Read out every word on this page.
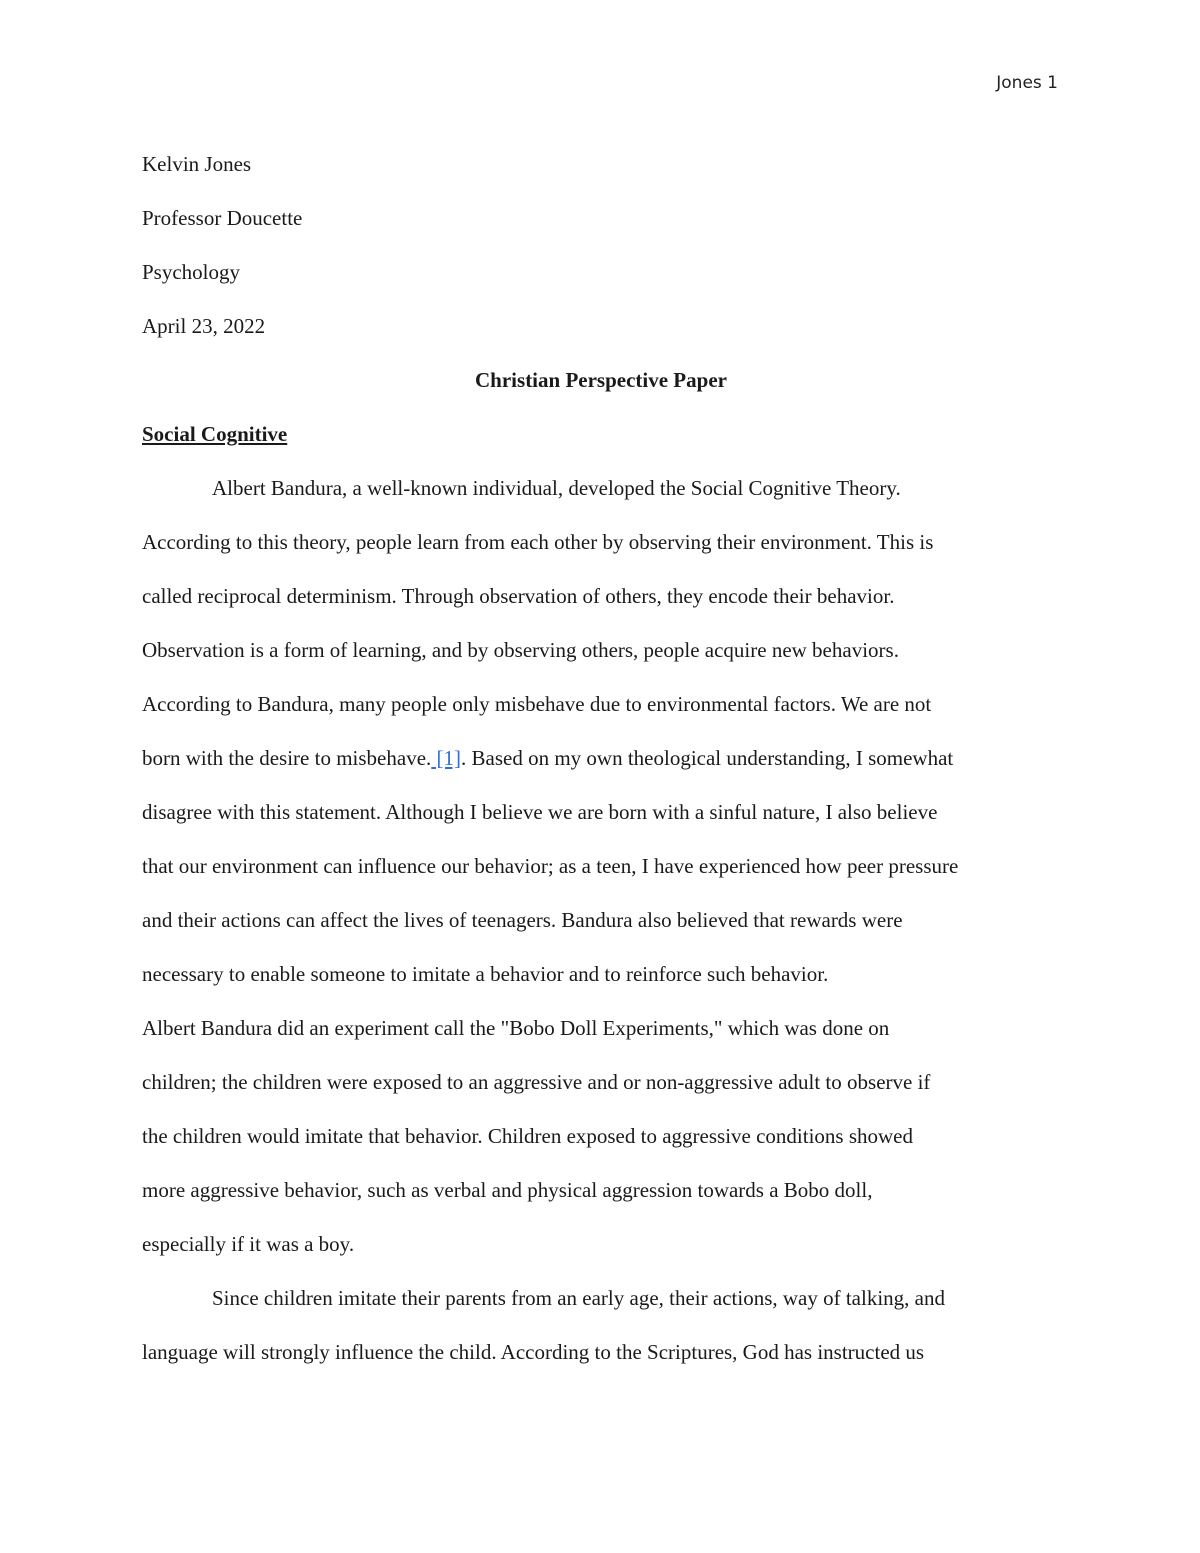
Jones 1
Kelvin Jones
Professor Doucette
Psychology
April 23, 2022
Christian Perspective Paper
Social Cognitive
Albert Bandura, a well-known individual, developed the Social Cognitive Theory.
According to this theory, people learn from each other by observing their environment. This is
called reciprocal determinism. Through observation of others, they encode their behavior.
Observation is a form of learning, and by observing others, people acquire new behaviors.
According to Bandura, many people only misbehave due to environmental factors. We are not
born with the desire to misbehave. [1]. Based on my own theological understanding, I somewhat
disagree with this statement. Although I believe we are born with a sinful nature, I also believe
that our environment can influence our behavior; as a teen, I have experienced how peer pressure
and their actions can affect the lives of teenagers. Bandura also believed that rewards were
necessary to enable someone to imitate a behavior and to reinforce such behavior.
Albert Bandura did an experiment call the "Bobo Doll Experiments," which was done on
children; the children were exposed to an aggressive and or non-aggressive adult to observe if
the children would imitate that behavior. Children exposed to aggressive conditions showed
more aggressive behavior, such as verbal and physical aggression towards a Bobo doll,
especially if it was a boy.
Since children imitate their parents from an early age, their actions, way of talking, and
language will strongly influence the child. According to the Scriptures, God has instructed us
